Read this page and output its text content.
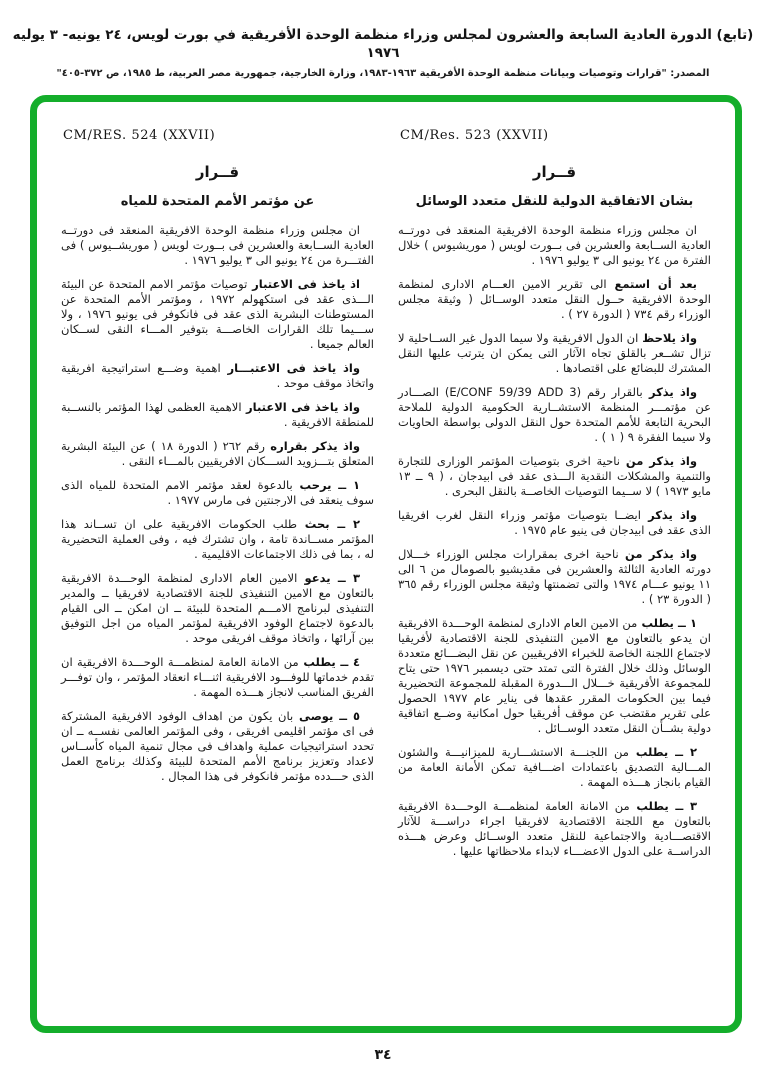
(تابع) الدورة العادية السابعة والعشرون لمجلس وزراء منظمة الوحدة الأفريقية في بورت لويس، ٢٤ يونيه- ٣ يوليه ١٩٧٦
المصدر: "قرارات وتوصيات وبيانات منظمة الوحدة الأفريقية ١٩٦٣-١٩٨٣، وزارة الخارجية، جمهورية مصر العربية، ط ١٩٨٥، ص ٣٧٢-٤٠٥"
CM/RES. 524 (XXVII)
قــرار
عن مؤتمر الأمم المتحدة للمياه

ان مجلس وزراء منظمة الوحدة الافريقية المنعقد فى دورتــه العادية الســابعة والعشرين فى بــورت لويس ( موريشــيوس ) فى الفتـــرة من ٢٤ يونيو الى ٣ يوليو ١٩٧٦ .

اذ ياخذ فى الاعتبار توصيات مؤتمر الامم المتحدة عن البيئة الـــذى عقد فى استكهولم ١٩٧٢ ، ومؤتمر الأمم المتحدة عن المستوطنات البشرية الذى عقد فى فانكوفر فى يونيو ١٩٧٦ ، ولا ســـيما تلك القرارات الخاصـــة بتوفير المـــاء النقى لســكان العالم جميعا .

واذ ياخذ فى الاعتبـــار اهمية وضـــع استراتيجية افريقية واتخاذ موقف موحد .

واذ ياخذ فى الاعتبار الاهمية العظمى لهذا المؤتمر بالنســبة للمنطقة الافريقية .

واذ يذكر بقراره رقم ٢٦٢ ( الدورة ١٨ ) عن البيئة البشرية المتعلق بتـــزويد الســـكان الافريقيين بالمـــاء النقى .

١ ــ يرحب بالدعوة لعقد مؤتمر الامم المتحدة للمياه الذى سوف ينعقد فى الارجنتين فى مارس ١٩٧٧ .

٢ ــ بحث طلب الحكومات الافريقية على ان تســاند هذا المؤتمر مســاندة تامة ، وان تشترك فيه ، وفى العملية التحضيرية له ، بما فى ذلك الاجتماعات الاقليمية .

٣ ــ يدعو الامين العام الادارى لمنظمة الوحـــدة الافريقية بالتعاون مع الامين التنفيذى للجنة الاقتصادية لافريقيا ــ والمدير التنفيذى لبرنامج الامـــم المتحدة للبيئة ــ ان امكن ــ الى القيام بالدعوة لاجتماع الوفود الافريقية لمؤتمر المياه من اجل التوفيق بين آرائها ، واتخاذ موقف افريقى موحد .

٤ ــ يطلب من الامانة العامة لمنظمـــة الوحـــدة الافريقية ان تقدم خدماتها للوفـــود الافريقية اثنـــاء انعقاد المؤتمر ، وان توفـــر الفريق المناسب لانجاز هـــذه المهمة .

٥ ــ يوصى بان يكون من اهداف الوفود الافريقية المشتركة فى اى مؤتمر اقليمى افريقى ، وفى المؤتمر العالمى نفســه ــ ان تحدد استراتيجيات عملية واهداف فى مجال تنمية المياه كأســاس لاعداد وتعزيز برنامج الأمم المتحدة للبيئة وكذلك برنامج العمل الذى حـــدده مؤتمر فانكوفر فى هذا المجال .

CM/Res. 523 (XXVII)
قــرار
بشان الاتفاقية الدولية للنقل متعدد الوسائل

ان مجلس وزراء منظمة الوحدة الافريقية المنعقد فى دورتــه العادية الســابعة والعشرين فى بــورت لويس ( موريشيوس ) خلال الفترة من ٢٤ يونيو الى ٣ يوليو ١٩٧٦ .

بعد أن استمع الى تقرير الامين العـــام الادارى لمنظمة الوحدة الافريقية حــول النقل متعدد الوســائل ( وثيقة مجلس الوزراء رقم ٧٣٤ ( الدورة ٢٧ ) .

واذ يلاحظ ان الدول الافريقية ولا سيما الدول غير الســاحلية لا تزال تشــعر بالقلق تجاه الآثار التى يمكن ان يترتب عليها النقل المشترك للبضائع على اقتصادها .

واذ يذكر بالقرار رقم (E/CONF 59/39 ADD 3) الصـــادر عن مؤتمـــر المنظمة الاستشــارية الحكومية الدولية للملاحة البحرية التابعة للأمم المتحدة حول النقل الدولى بواسطة الحاويات ولا سيما الفقرة ٩ ( ١ ) .

واذ يذكر من ناحية اخرى بتوصيات المؤتمر الوزارى للتجارة والتنمية والمشكلات النقدية الـــذى عقد فى ابيدجان ، ( ٩ ــ ١٣ مايو ١٩٧٣ ) لا ســيما التوصيات الخاصــة بالنقل البحرى .

واذ يذكر ايضــا بتوصيات مؤتمر وزراء النقل لغرب افريقيا الذى عقد فى ابيدجان فى ينيو عام ١٩٧٥ .

واذ يذكر من ناحية اخرى بمقرارات مجلس الوزراء خـــلال دورته العادية الثالثة والعشرين فى مقديشيو بالصومال من ٦ الى ١١ يونيو عـــام ١٩٧٤ والتى تضمنتها وثيقة مجلس الوزراء رقم ٣٦٥ ( الدورة ٢٣ ) .

١ ــ يطلب من الامين العام الادارى لمنظمة الوحـــدة الافريقية ان يدعو بالتعاون مع الامين التنفيذى للجنة الاقتصادية لأفريقيا لاجتماع اللجنة الخاصة للخبراء الافريقيين عن نقل البضـــائع متعددة الوسائل وذلك خلال الفترة التى تمتد حتى ديسمبر ١٩٧٦ حتى يتاح للمجموعة الأفريقية خـــلال الـــدورة المقبلة للمجموعة التحضيرية فيما بين الحكومات المقرر عقدها فى يناير عام ١٩٧٧ الحصول على تقرير مقتضب عن موقف أفريقيا حول امكانية وضــع اتفاقية دولية بشــأن النقل متعدد الوســائل .

٢ ــ يطلب من اللجنـــة الاستشـــارية للميزانيـــة والشئون المـــالية التصديق باعتمادات اضـــافية تمكن الأمانة العامة من القيام بانجاز هـــذه المهمة .

٣ ــ يطلب من الامانة العامة لمنظمـــة الوحـــدة الافريقية بالتعاون مع اللجنة الاقتصادية لافريقيا اجراء دراســـة للآثار الاقتصـــادية والاجتماعية للنقل متعدد الوســائل وعرض هـــذه الدراســة على الدول الاعضـــاء لابداء ملاحظاتها عليها .

٣٤
